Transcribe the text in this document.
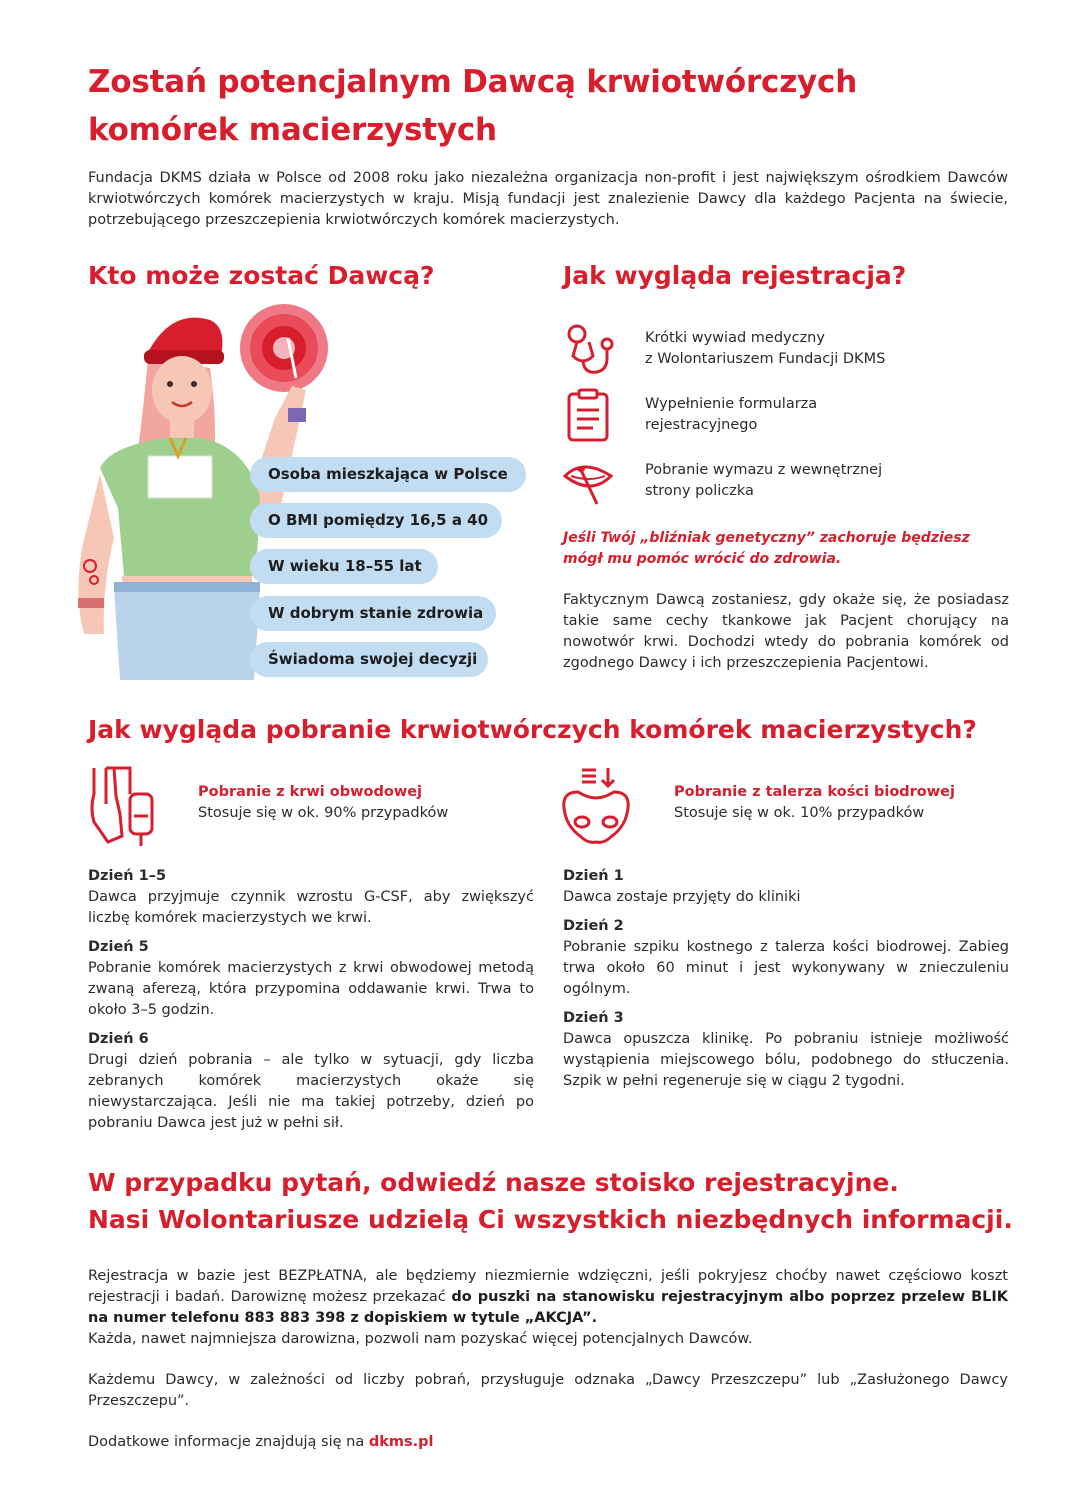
Zostań potencjalnym Dawcą krwiotwórczych
komórek macierzystych

Fundacja DKMS działa w Polsce od 2008 roku jako niezależna organizacja non-profit i jest największym ośrodkiem Dawców krwiotwórczych komórek macierzystych w kraju. Misją fundacji jest znalezienie Dawcy dla każdego Pacjenta na świecie, potrzebującego przeszczepienia krwiotwórczych komórek macierzystych.

Kto może zostać Dawcą?	Jak wygląda rejestracja?
Osoba mieszkająca w Polsce
O BMI pomiędzy 16,5 a 40
W wieku 18–55 lat
W dobrym stanie zdrowia
Świadoma swojej decyzji
Krótki wywiad medyczny
z Wolontariuszem Fundacji DKMS
Wypełnienie formularza
rejestracyjnego
Pobranie wymazu z wewnętrznej
strony policzka

Jeśli Twój „bliźniak genetyczny” zachoruje będziesz mógł mu pomóc wrócić do zdrowia.

Faktycznym Dawcą zostaniesz, gdy okaże się, że posiadasz takie same cechy tkankowe jak Pacjent chorujący na nowotwór krwi. Dochodzi wtedy do pobrania komórek od zgodnego Dawcy i ich przeszczepienia Pacjentowi.

Jak wygląda pobranie krwiotwórczych komórek macierzystych?
Pobranie z krwi obwodowej
Stosuje się w ok. 90% przypadków
Pobranie z talerza kości biodrowej
Stosuje się w ok. 10% przypadków
Dzień 1–5
Dawca przyjmuje czynnik wzrostu G-CSF, aby zwiększyć liczbę komórek macierzystych we krwi.
Dzień 5
Pobranie komórek macierzystych z krwi obwodowej metodą zwaną aferezą, która przypomina oddawanie krwi. Trwa to około 3–5 godzin.
Dzień 6
Drugi dzień pobrania – ale tylko w sytuacji, gdy liczba zebranych komórek macierzystych okaże się niewystarczająca. Jeśli nie ma takiej potrzeby, dzień po pobraniu Dawca jest już w pełni sił.
Dzień 1
Dawca zostaje przyjęty do kliniki
Dzień 2
Pobranie szpiku kostnego z talerza kości biodrowej. Zabieg trwa około 60 minut i jest wykonywany w znieczuleniu ogólnym.
Dzień 3
Dawca opuszcza klinikę. Po pobraniu istnieje możliwość wystąpienia miejscowego bólu, podobnego do stłuczenia. Szpik w pełni regeneruje się w ciągu 2 tygodni.
W przypadku pytań, odwiedź nasze stoisko rejestracyjne.
Nasi Wolontariusze udzielą Ci wszystkich niezbędnych informacji.

Rejestracja w bazie jest BEZPŁATNA, ale będziemy niezmiernie wdzięczni, jeśli pokryjesz choćby nawet częściowo koszt rejestracji i badań. Darowiznę możesz przekazać do puszki na stanowisku rejestracyjnym albo poprzez przelew BLIK na numer telefonu 883 883 398 z dopiskiem w tytule „AKCJA”.

Każda, nawet najmniejsza darowizna, pozwoli nam pozyskać więcej potencjalnych Dawców.

Każdemu Dawcy, w zależności od liczby pobrań, przysługuje odznaka „Dawcy Przeszczepu” lub „Zasłużonego Dawcy Przeszczepu”.

Dodatkowe informacje znajdują się na dkms.pl
